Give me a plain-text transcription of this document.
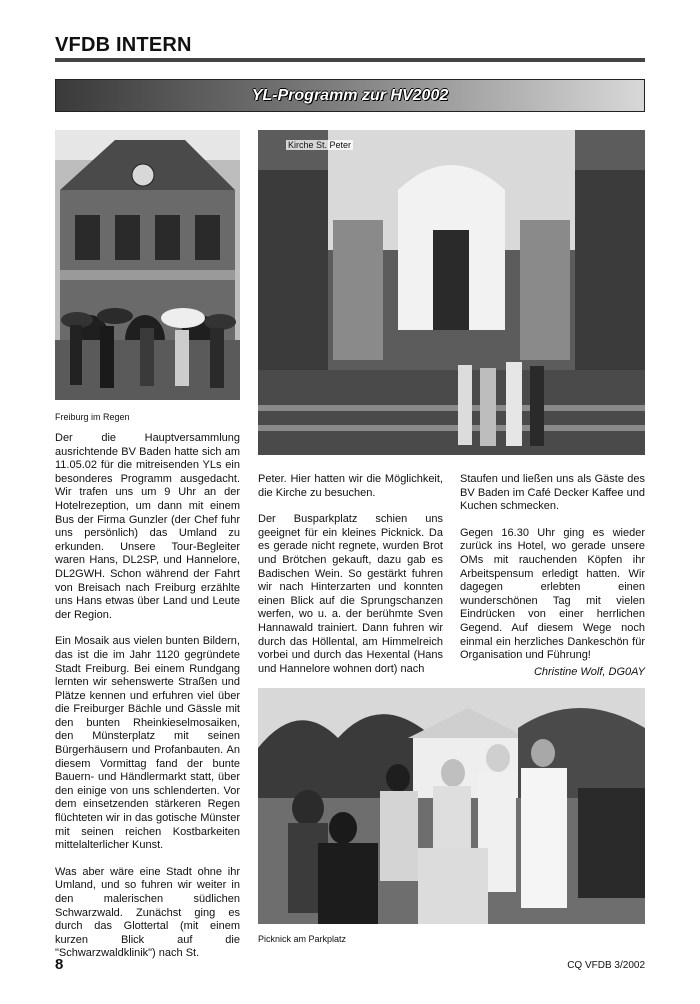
VFDB INTERN
YL-Programm zur HV2002
Freiburg im Regen
Kirche St. Peter

Der die Hauptversammlung ausrichtende BV Baden hatte sich am 11.05.02 für die mitreisenden YLs ein besonderes Programm ausgedacht. Wir trafen uns um 9 Uhr an der Hotelrezeption, um dann mit einem Bus der Firma Gunzler (der Chef fuhr uns persönlich) das Umland zu erkunden. Unsere Tour-Begleiter waren Hans, DL2SP, und Hannelore, DL2GWH. Schon während der Fahrt von Breisach nach Freiburg erzählte uns Hans etwas über Land und Leute der Region.

Ein Mosaik aus vielen bunten Bildern, das ist die im Jahr 1120 gegründete Stadt Freiburg. Bei einem Rundgang lernten wir sehenswerte Straßen und Plätze kennen und erfuhren viel über die Freiburger Bächle und Gässle mit den bunten Rheinkieselmosaiken, den Münsterplatz mit seinen Bürgerhäusern und Profanbauten. An diesem Vormittag fand der bunte Bauern- und Händlermarkt statt, über den einige von uns schlenderten. Vor dem einsetzenden stärkeren Regen flüchteten wir in das gotische Münster mit seinen reichen Kostbarkeiten mittelalterlicher Kunst.

Was aber wäre eine Stadt ohne ihr Umland, und so fuhren wir weiter in den malerischen südlichen Schwarzwald. Zunächst ging es durch das Glottertal (mit einem kurzen Blick auf die "Schwarzwaldklinik") nach St.

Peter. Hier hatten wir die Möglichkeit, die Kirche zu besuchen.

Der Busparkplatz schien uns geeignet für ein kleines Picknick. Da es gerade nicht regnete, wurden Brot und Brötchen gekauft, dazu gab es Badischen Wein. So gestärkt fuhren wir nach Hinterzarten und konnten einen Blick auf die Sprungschanzen werfen, wo u. a. der berühmte Sven Hannawald trainiert. Dann fuhren wir durch das Höllental, am Himmelreich vorbei und durch das Hexental (Hans und Hannelore wohnen dort) nach

Staufen und ließen uns als Gäste des BV Baden im Café Decker Kaffee und Kuchen schmecken.

Gegen 16.30 Uhr ging es wieder zurück ins Hotel, wo gerade unsere OMs mit rauchenden Köpfen ihr Arbeitspensum erledigt hatten. Wir dagegen erlebten einen wunderschönen Tag mit vielen Eindrücken von einer herrlichen Gegend. Auf diesem Wege noch einmal ein herzliches Dankeschön für Organisation und Führung!

Christine Wolf, DG0AY
Picknick am Parkplatz
8	CQ VFDB 3/2002
